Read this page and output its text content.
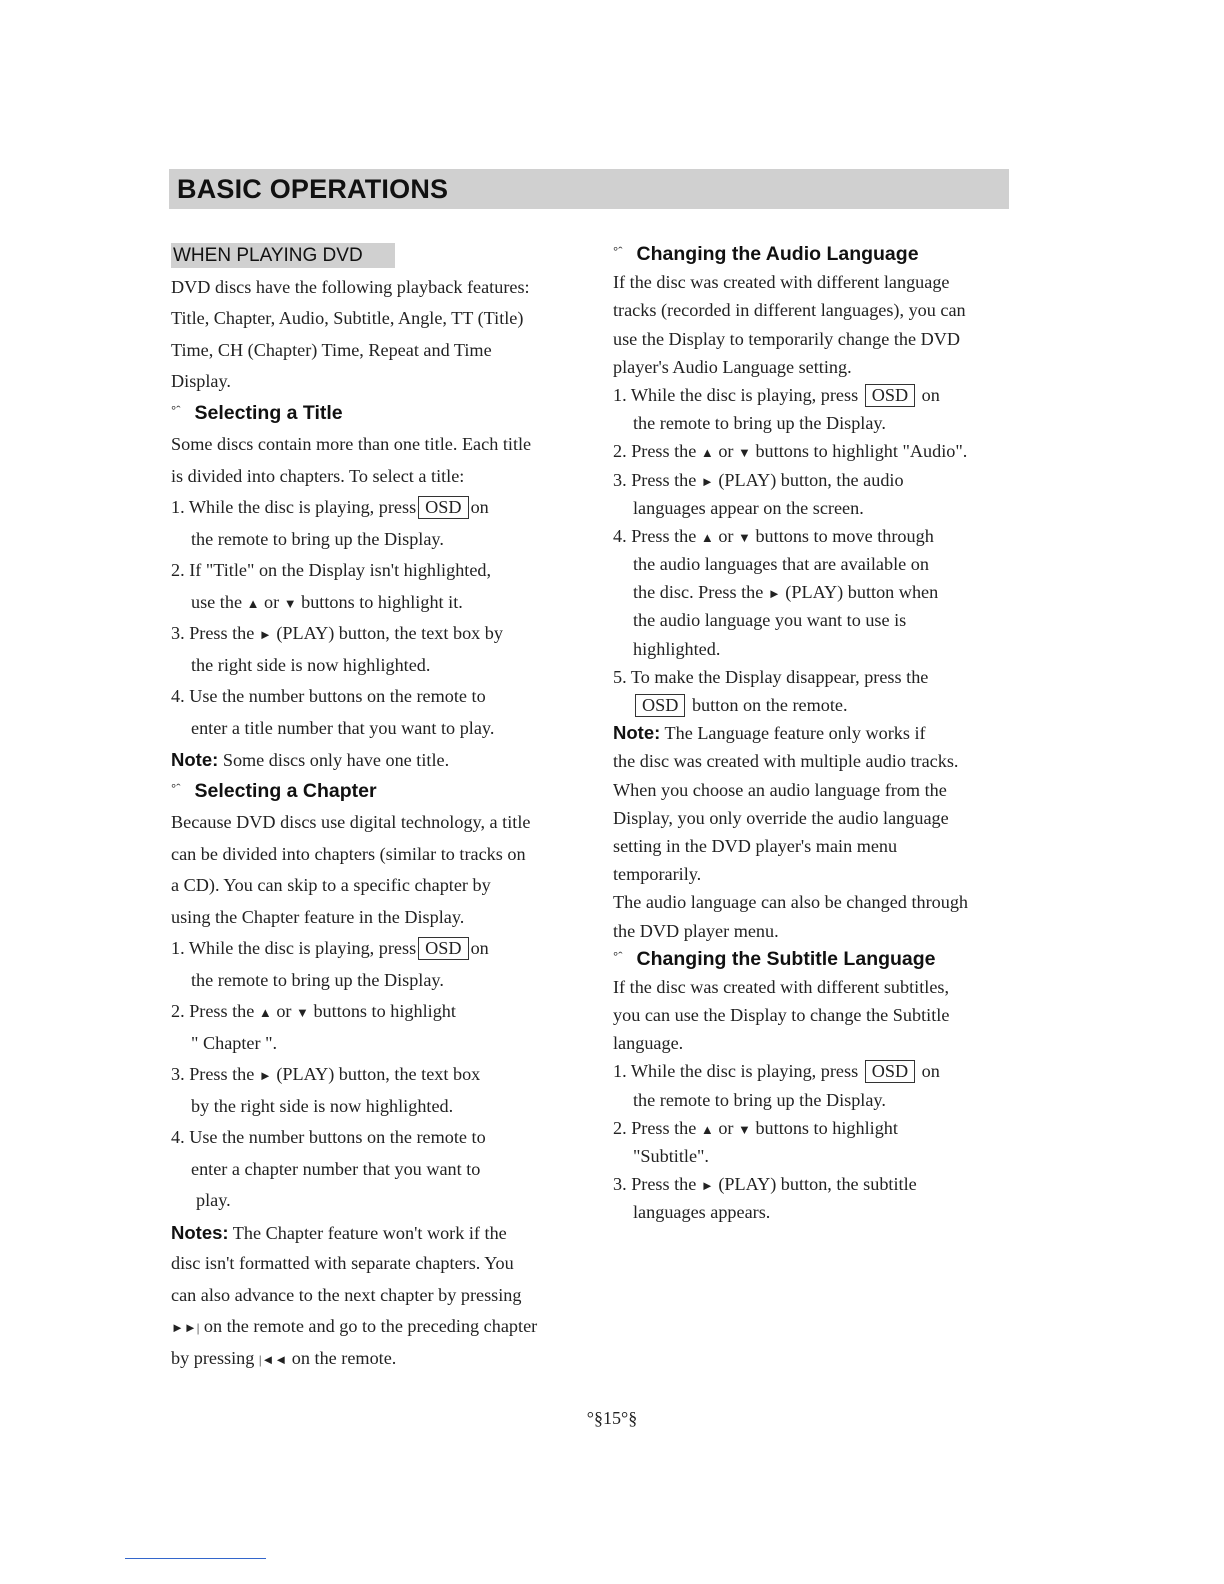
BASIC OPERATIONS
WHEN PLAYING DVD
DVD discs have the following playback features:
Title, Chapter, Audio, Subtitle, Angle, TT (Title)
Time, CH (Chapter) Time, Repeat and Time
Display.
$^{^\circ ˆ}$ Selecting a Title
Some discs contain more than one title. Each title
is divided into chapters. To select a title:
1. While the disc is playing, press OSD on
the remote to bring up the Display.
2. If "Title" on the Display isn't highlighted,
use the ▲ or ▼ buttons to highlight it.
3. Press the ► (PLAY) button, the text box by
the right side is now highlighted.
4. Use the number buttons on the remote to
enter a title number that you want to play.
Note: Some discs only have one title.
$^{^\circ ˆ}$ Selecting a Chapter
Because DVD discs use digital technology, a title
can be divided into chapters (similar to tracks on
a CD). You can skip to a specific chapter by
using the Chapter feature in the Display.
1. While the disc is playing, press OSD on
the remote to bring up the Display.
2. Press the ▲ or ▼ buttons to highlight
" Chapter ".
3. Press the ► (PLAY) button, the text box
by the right side is now highlighted.
4. Use the number buttons on the remote to
enter a chapter number that you want to
play.
Notes: The Chapter feature won't work if the
disc isn't formatted with separate chapters. You
can also advance to the next chapter by pressing
►►| on the remote and go to the preceding chapter
by pressing |◄◄ on the remote.
$^{^\circ ˆ}$ Changing the Audio Language
If the disc was created with different language
tracks (recorded in different languages), you can
use the Display to temporarily change the DVD
player's Audio Language setting.
1. While the disc is playing, press OSD on
the remote to bring up the Display.
2. Press the ▲ or ▼ buttons to highlight "Audio".
3. Press the ► (PLAY) button, the audio
languages appear on the screen.
4. Press the ▲ or ▼ buttons to move through
the audio languages that are available on
the disc. Press the ► (PLAY) button when
the audio language you want to use is
highlighted.
5. To make the Display disappear, press the
OSD button on the remote.
Note: The Language feature only works if
the disc was created with multiple audio tracks.
When you choose an audio language from the
Display, you only override the audio language
setting in the DVD player's main menu
temporarily.
The audio language can also be changed through
the DVD player menu.
$^{^\circ ˆ}$ Changing the Subtitle Language
If the disc was created with different subtitles,
you can use the Display to change the Subtitle
language.
1. While the disc is playing, press OSD on
the remote to bring up the Display.
2. Press the ▲ or ▼ buttons to highlight
"Subtitle".
3. Press the ► (PLAY) button, the subtitle
languages appears.
°§15°§
